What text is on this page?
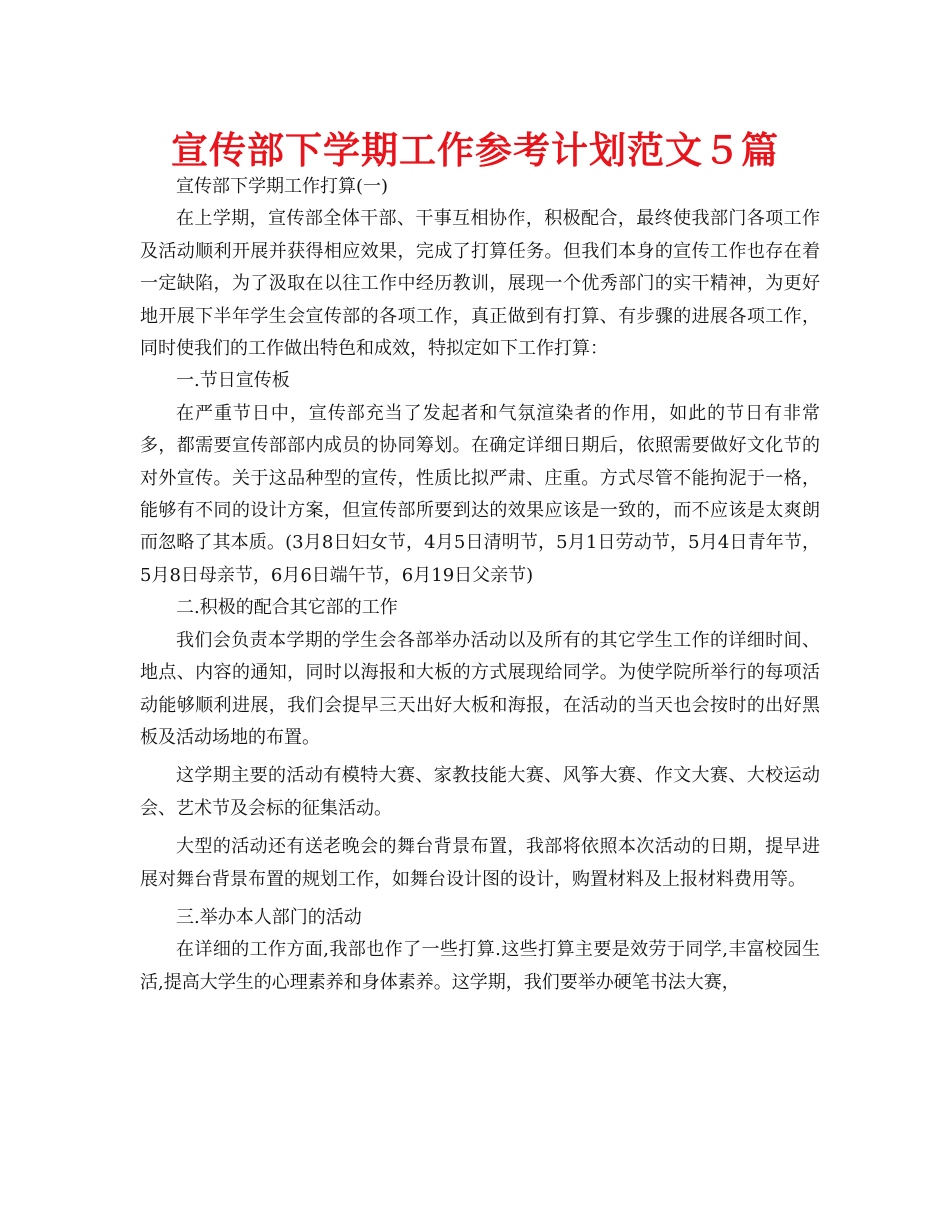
宣传部下学期工作参考计划范文５篇

宣传部下学期工作打算(一)

在上学期，宣传部全体干部、干事互相协作，积极配合，最终使我部门各项工作及活动顺利开展并获得相应效果，完成了打算任务。但我们本身的宣传工作也存在着一定缺陷，为了汲取在以往工作中经历教训，展现一个优秀部门的实干精神，为更好地开展下半年学生会宣传部的各项工作，真正做到有打算、有步骤的进展各项工作，同时使我们的工作做出特色和成效，特拟定如下工作打算：

一.节日宣传板

在严重节日中，宣传部充当了发起者和气氛渲染者的作用，如此的节日有非常多，都需要宣传部部内成员的协同筹划。在确定详细日期后，依照需要做好文化节的对外宣传。关于这品种型的宣传，性质比拟严肃、庄重。方式尽管不能拘泥于一格，能够有不同的设计方案，但宣传部所要到达的效果应该是一致的，而不应该是太爽朗而忽略了其本质。(3月8日妇女节，4月5日清明节，5月1日劳动节，5月4日青年节，5月8日母亲节，6月6日端午节，6月19日父亲节)

二.积极的配合其它部的工作

我们会负责本学期的学生会各部举办活动以及所有的其它学生工作的详细时间、地点、内容的通知，同时以海报和大板的方式展现给同学。为使学院所举行的每项活动能够顺利进展，我们会提早三天出好大板和海报，在活动的当天也会按时的出好黑板及活动场地的布置。

这学期主要的活动有模特大赛、家教技能大赛、风筝大赛、作文大赛、大校运动会、艺术节及会标的征集活动。

大型的活动还有送老晚会的舞台背景布置，我部将依照本次活动的日期，提早进展对舞台背景布置的规划工作，如舞台设计图的设计，购置材料及上报材料费用等。

三.举办本人部门的活动

在详细的工作方面,我部也作了一些打算.这些打算主要是效劳于同学,丰富校园生活,提高大学生的心理素养和身体素养。这学期，我们要举办硬笔书法大赛，
